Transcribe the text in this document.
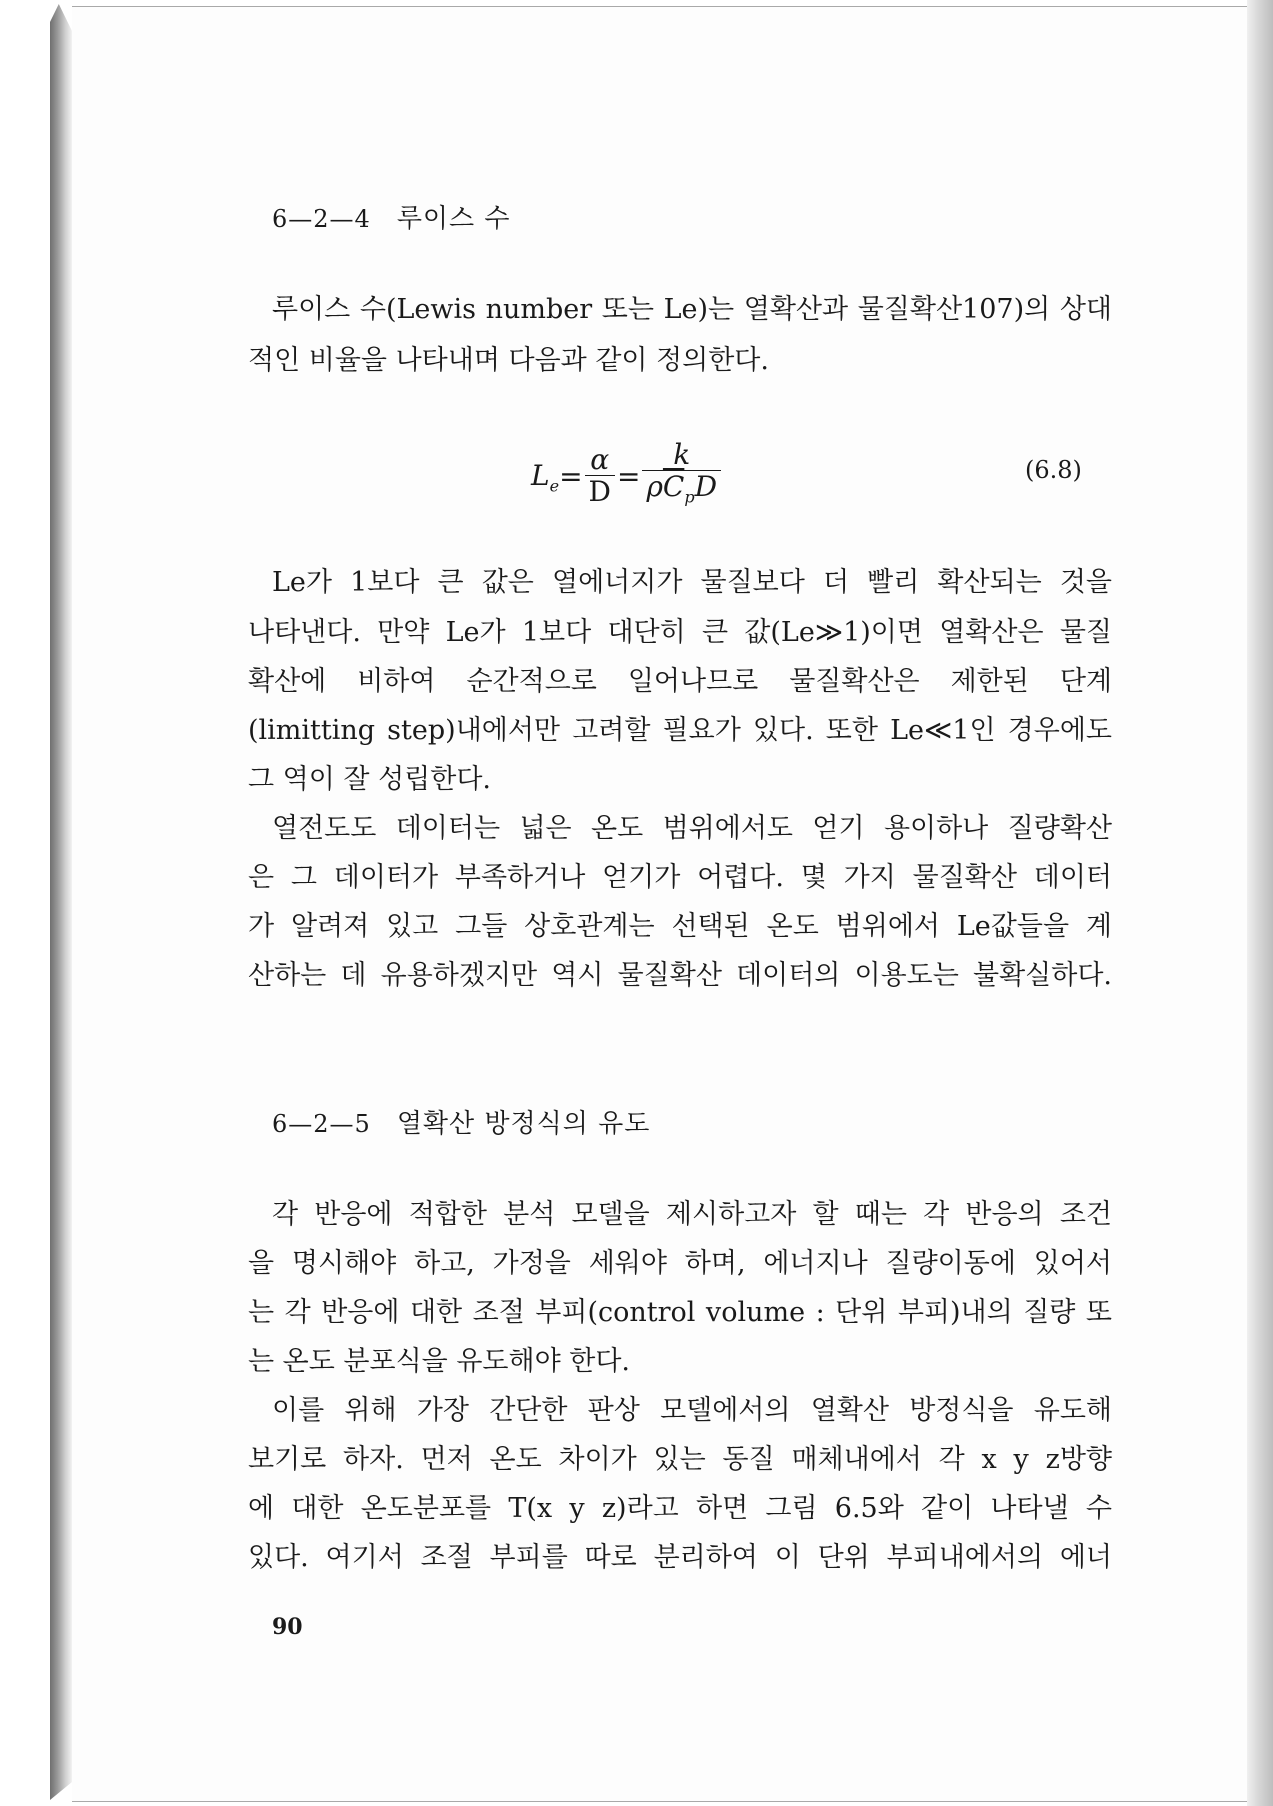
6—2—4 루이스 수
루이스 수(Lewis number 또는 Le)는 열확산과 물질확산107)의 상대
적인 비율을 나타내며 다음과 같이 정의한다.
$L_e = \frac{\alpha}{D} = \frac{k}{\rho\overline{C}_pD}$	(6.8)
Le가 1보다 큰 값은 열에너지가 물질보다 더 빨리 확산되는 것을
나타낸다. 만약 Le가 1보다 대단히 큰 값(Le≫1)이면 열확산은 물질
확산에 비하여 순간적으로 일어나므로 물질확산은 제한된 단계
(limitting step)내에서만 고려할 필요가 있다. 또한 Le≪1인 경우에도
그 역이 잘 성립한다.
열전도도 데이터는 넓은 온도 범위에서도 얻기 용이하나 질량확산
은 그 데이터가 부족하거나 얻기가 어렵다. 몇 가지 물질확산 데이터
가 알려져 있고 그들 상호관계는 선택된 온도 범위에서 Le값들을 계
산하는 데 유용하겠지만 역시 물질확산 데이터의 이용도는 불확실하다.
6—2—5 열확산 방정식의 유도
각 반응에 적합한 분석 모델을 제시하고자 할 때는 각 반응의 조건
을 명시해야 하고, 가정을 세워야 하며, 에너지나 질량이동에 있어서
는 각 반응에 대한 조절 부피(control volume : 단위 부피)내의 질량 또
는 온도 분포식을 유도해야 한다.
이를 위해 가장 간단한 판상 모델에서의 열확산 방정식을 유도해
보기로 하자. 먼저 온도 차이가 있는 동질 매체내에서 각 x y z방향
에 대한 온도분포를 T(x y z)라고 하면 그림 6.5와 같이 나타낼 수
있다. 여기서 조절 부피를 따로 분리하여 이 단위 부피내에서의 에너
90
